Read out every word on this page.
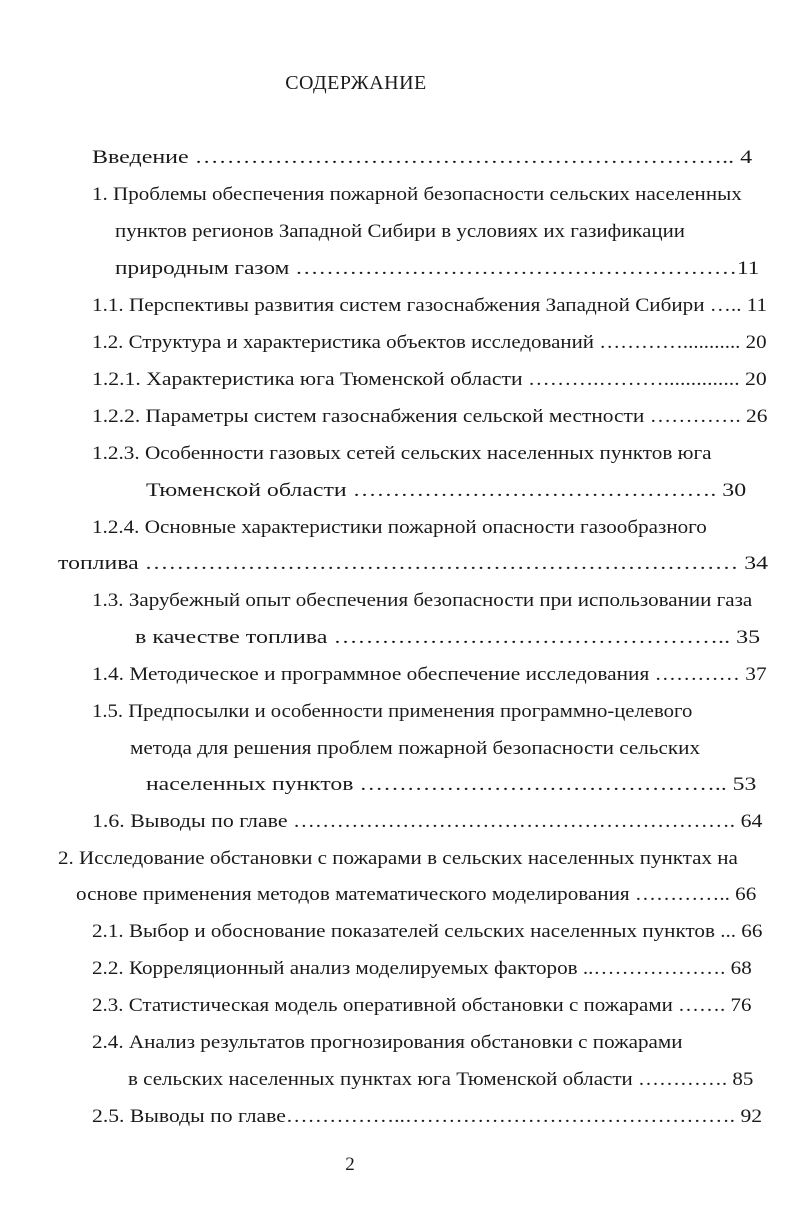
СОДЕРЖАНИЕ
Введение ………………………………………………………….. 4
1. Проблемы обеспечения пожарной безопасности сельских населенных
пунктов регионов Западной Сибири в условиях их газификации
природным газом …………………………………………………11
1.1. Перспективы развития систем газоснабжения Западной Сибири ….. 11
1.2. Структура и характеристика объектов исследований …………........... 20
1.2.1. Характеристика юга Тюменской области ……….……….............. 20
1.2.2. Параметры систем газоснабжения сельской местности …………. 26
1.2.3. Особенности газовых сетей сельских населенных пунктов юга
Тюменской области ………………………………………. 30
1.2.4. Основные характеристики пожарной опасности газообразного
топлива ………………………………………………………………… 34
1.3. Зарубежный опыт обеспечения безопасности при использовании газа
в качестве топлива ………………………………………….. 35
1.4. Методическое и программное обеспечение исследования ………… 37
1.5. Предпосылки и особенности применения программно-целевого
метода для решения проблем пожарной безопасности сельских
населенных пунктов ……………………………………….. 53
1.6. Выводы по главе ……………………………………………………. 64
2. Исследование обстановки с пожарами в сельских населенных пунктах на
основе применения методов математического моделирования ………….. 66
2.1. Выбор и обоснование показателей сельских населенных пунктов ... 66
2.2. Корреляционный анализ моделируемых факторов ..………………. 68
2.3. Статистическая модель оперативной обстановки с пожарами ……. 76
2.4. Анализ результатов прогнозирования обстановки с пожарами
в сельских населенных пунктах юга Тюменской области …………. 85
2.5. Выводы по главе……………..………………………………………. 92
2
